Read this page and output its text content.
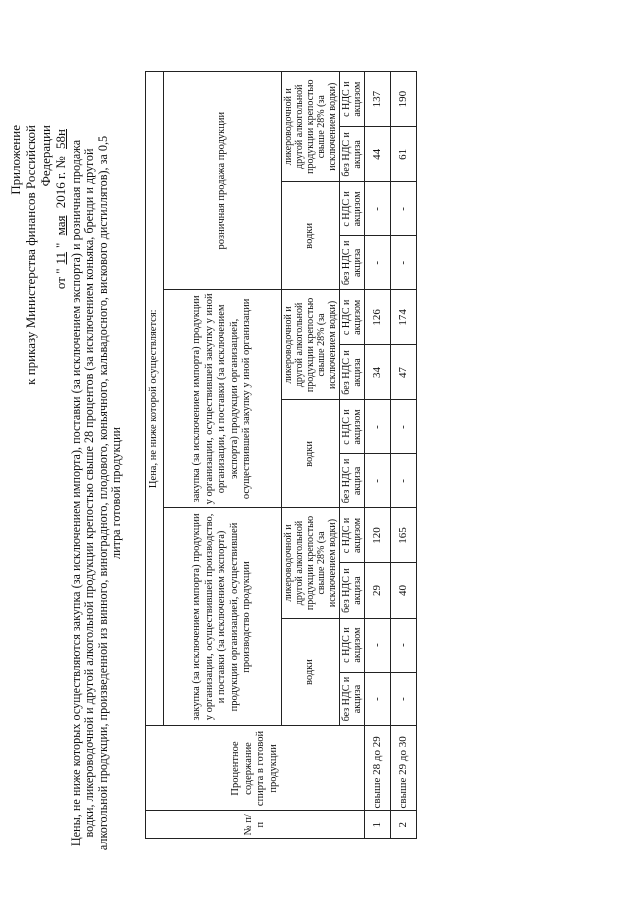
Приложение к приказу Министерства финансов Российской Федерации
от "11" мая 2016 г. № 58н
Цены, не ниже которых осуществляются закупка (за исключением импорта), поставки (за исключением экспорта) и розничная продажа водки, ликероводочной и другой алкогольной продукции крепостью свыше 28 процентов (за исключением коньяка, бренди и другой алкогольной продукции, произведенной из винного, виноградного, плодового, коньячного, кальвадосного, вискового дистиллятов), за 0,5 литра готовой продукции
№ п/п	Процентное содержание спирта в готовой продукции	Цена, не ниже которой осуществляется:											
		закупка (за исключением импорта) продукции у организации, осуществившей производство, и поставки (за исключением экспорта) продукции организацией, осуществившей производство продукции				закупка (за исключением импорта) продукции у организации, осуществившей закупку у иной организации, и поставки (за исключением экспорта) продукции организацией, осуществившей закупку у иной организации				розничная продажа продукции			
		водки		ликероводочной и другой алкогольной продукции крепостью свыше 28% (за исключением водки)		водки		ликероводочной и другой алкогольной продукции крепостью свыше 28% (за исключением водки)		водки		ликероводочной и другой алкогольной продукции крепостью свыше 28% (за исключением водки)	

		без НДС и акциза	с НДС и акцизом	без НДС и акциза	с НДС и акцизом	без НДС и акциза	с НДС и акцизом	без НДС и акциза	с НДС и акцизом	без НДС и акциза	с НДС и акцизом	без НДС и акциза	с НДС и акцизом
1	свыше 28 до 29	-	-	29	120	-	-	34	126	-	-	44	137
2	свыше 29 до 30	-	-	40	165	-	-	47	174	-	-	61	190
